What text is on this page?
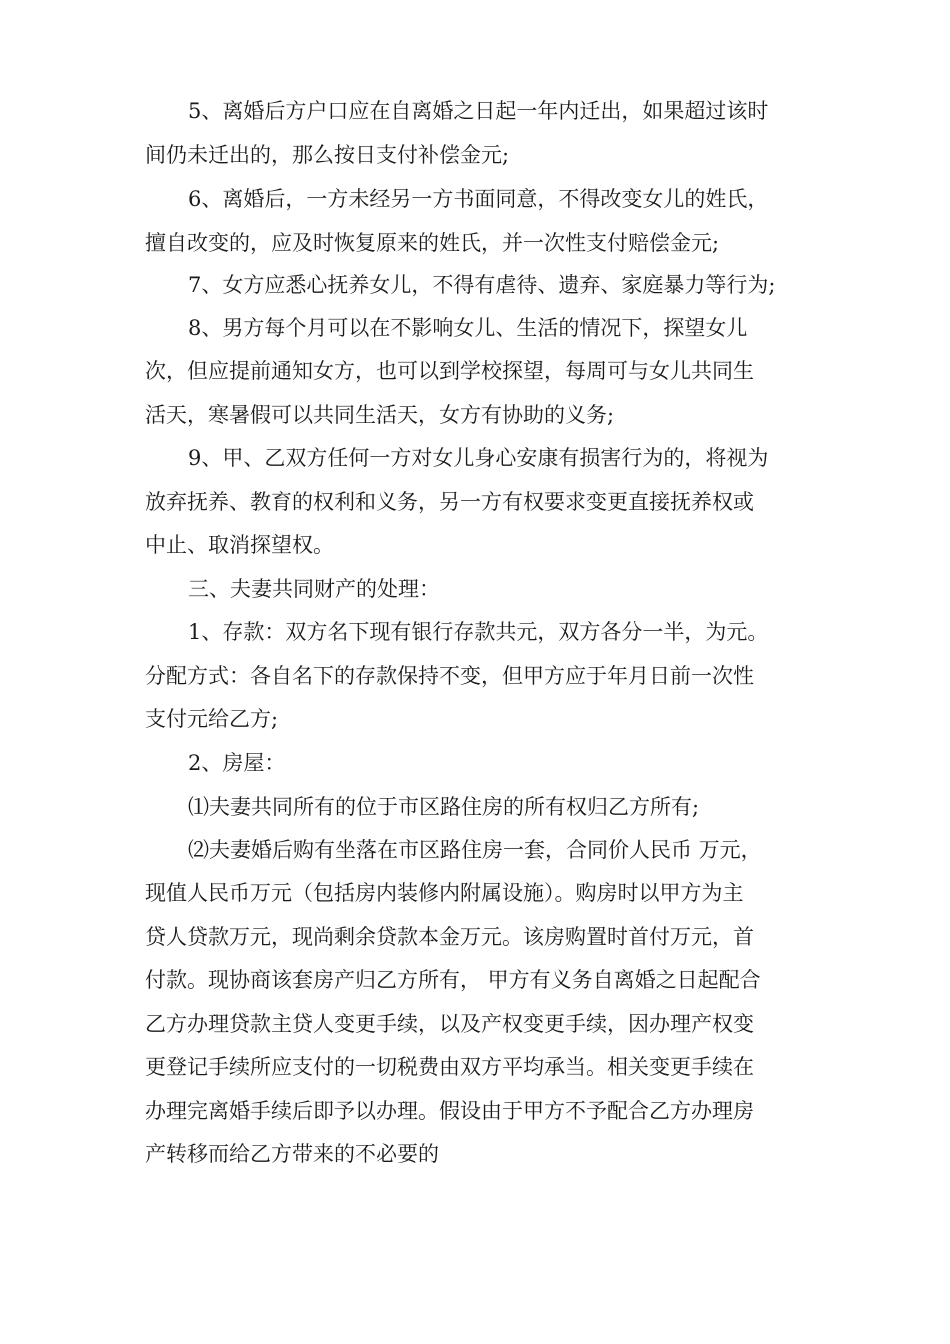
5、离婚后方户口应在自离婚之日起一年内迁出，如果超过该时
间仍未迁出的，那么按日支付补偿金元;
6、离婚后，一方未经另一方书面同意，不得改变女儿的姓氏，
擅自改变的，应及时恢复原来的姓氏，并一次性支付赔偿金元;
7、女方应悉心抚养女儿，不得有虐待、遗弃、家庭暴力等行为;
8、男方每个月可以在不影响女儿、生活的情况下，探望女儿
次，但应提前通知女方，也可以到学校探望，每周可与女儿共同生
活天，寒暑假可以共同生活天，女方有协助的义务;
9、甲、乙双方任何一方对女儿身心安康有损害行为的，将视为
放弃抚养、教育的权利和义务，另一方有权要求变更直接抚养权或
中止、取消探望权。
三、夫妻共同财产的处理：
1、存款：双方名下现有银行存款共元，双方各分一半，为元。
分配方式：各自名下的存款保持不变，但甲方应于年月日前一次性
支付元给乙方;
2、房屋：
⑴夫妻共同所有的位于市区路住房的所有权归乙方所有;
⑵夫妻婚后购有坐落在市区路住房一套，合同价人民币 万元，
现值人民币万元（包括房内装修内附属设施）。购房时以甲方为主
贷人贷款万元，现尚剩余贷款本金万元。该房购置时首付万元，首
付款。现协商该套房产归乙方所有， 甲方有义务自离婚之日起配合
乙方办理贷款主贷人变更手续，以及产权变更手续，因办理产权变
更登记手续所应支付的一切税费由双方平均承当。相关变更手续在
办理完离婚手续后即予以办理。假设由于甲方不予配合乙方办理房
产转移而给乙方带来的不必要的
